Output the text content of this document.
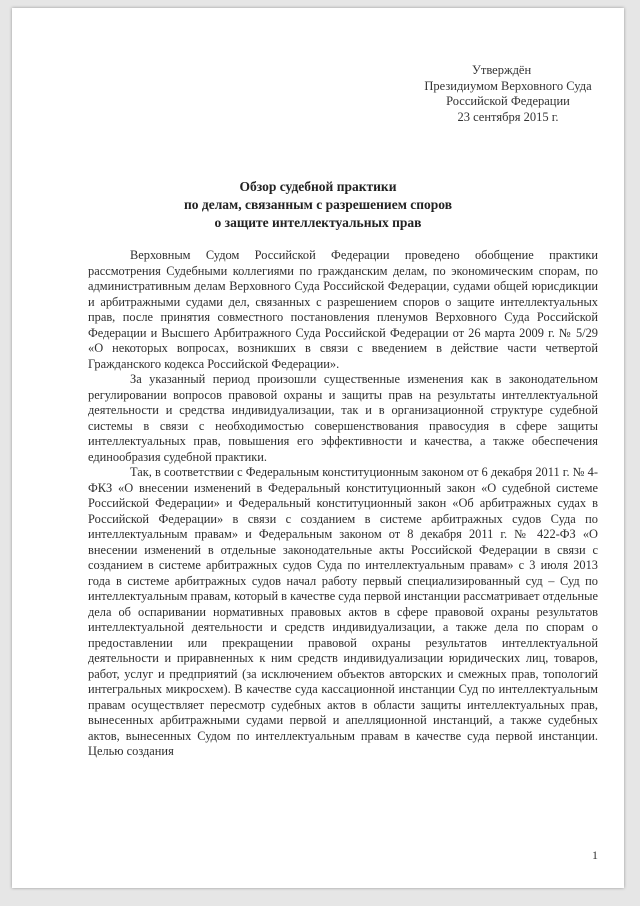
Утверждён
Президиумом Верховного Суда
Российской Федерации
23 сентября 2015 г.
Обзор судебной практики
по делам, связанным с разрешением споров
о защите интеллектуальных прав

Верховным Судом Российской Федерации проведено обобщение практики рассмотрения Судебными коллегиями по гражданским делам, по экономическим спорам, по административным делам Верховного Суда Российской Федерации, судами общей юрисдикции и арбитражными судами дел, связанных с разрешением споров о защите интеллектуальных прав, после принятия совместного постановления пленумов Верховного Суда Российской Федерации и Высшего Арбитражного Суда Российской Федерации от 26 марта 2009 г. № 5/29 «О некоторых вопросах, возникших в связи с введением в действие части четвертой Гражданского кодекса Российской Федерации».

За указанный период произошли существенные изменения как в законодательном регулировании вопросов правовой охраны и защиты прав на результаты интеллектуальной деятельности и средства индивидуализации, так и в организационной структуре судебной системы в связи с необходимостью совершенствования правосудия в сфере защиты интеллектуальных прав, повышения его эффективности и качества, а также обеспечения единообразия судебной практики.

Так, в соответствии с Федеральным конституционным законом от 6 декабря 2011 г. № 4-ФКЗ «О внесении изменений в Федеральный конституционный закон «О судебной системе Российской Федерации» и Федеральный конституционный закон «Об арбитражных судах в Российской Федерации» в связи с созданием в системе арбитражных судов Суда по интеллектуальным правам» и Федеральным законом от 8 декабря 2011 г. № 422-ФЗ «О внесении изменений в отдельные законодательные акты Российской Федерации в связи с созданием в системе арбитражных судов Суда по интеллектуальным правам» с 3 июля 2013 года в системе арбитражных судов начал работу первый специализированный суд – Суд по интеллектуальным правам, который в качестве суда первой инстанции рассматривает отдельные дела об оспаривании нормативных правовых актов в сфере правовой охраны результатов интеллектуальной деятельности и средств индивидуализации, а также дела по спорам о предоставлении или прекращении правовой охраны результатов интеллектуальной деятельности и приравненных к ним средств индивидуализации юридических лиц, товаров, работ, услуг и предприятий (за исключением объектов авторских и смежных прав, топологий интегральных микросхем). В качестве суда кассационной инстанции Суд по интеллектуальным правам осуществляет пересмотр судебных актов в области защиты интеллектуальных прав, вынесенных арбитражными судами первой и апелляционной инстанций, а также судебных актов, вынесенных Судом по интеллектуальным правам в качестве суда первой инстанции. Целью создания

1
